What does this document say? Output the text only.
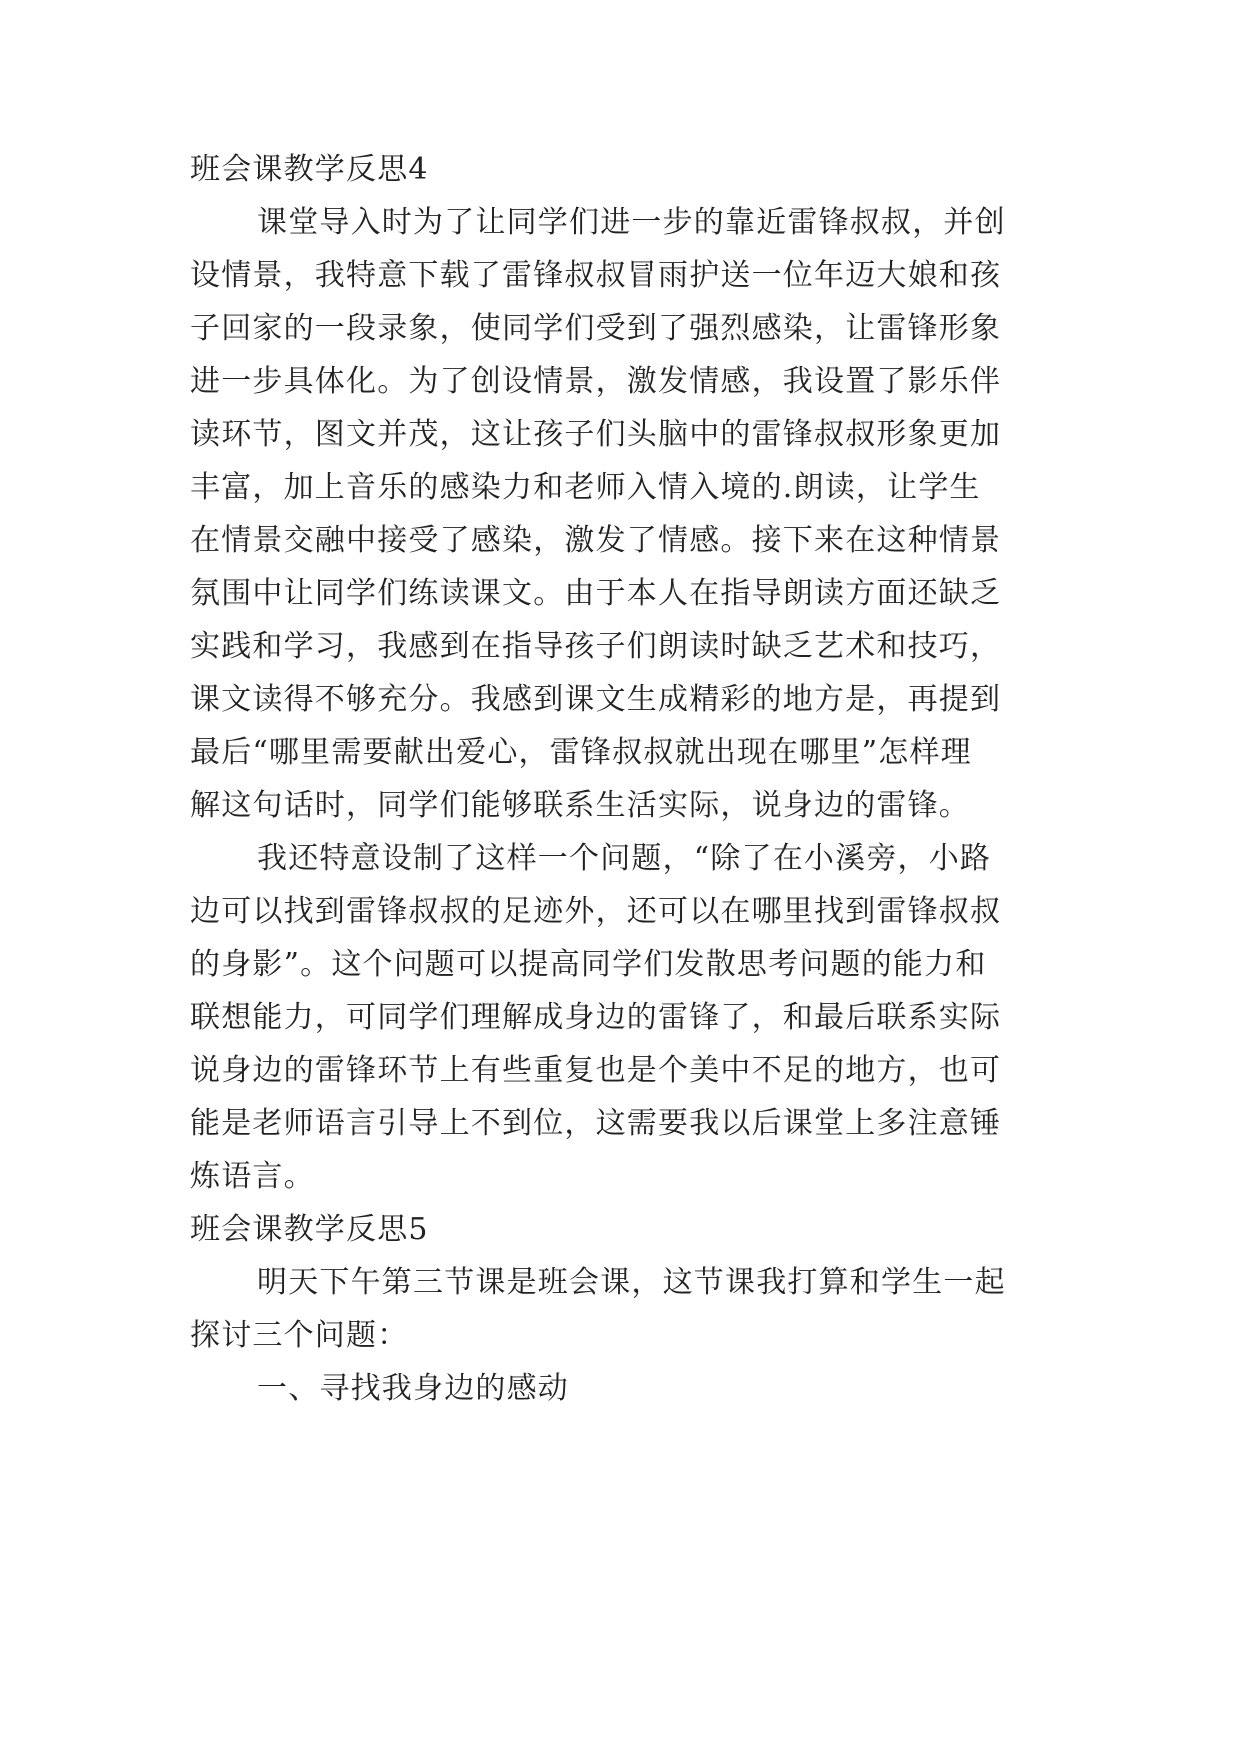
班会课教学反思4
课堂导入时为了让同学们进一步的靠近雷锋叔叔，并创
设情景，我特意下载了雷锋叔叔冒雨护送一位年迈大娘和孩
子回家的一段录象，使同学们受到了强烈感染，让雷锋形象
进一步具体化。为了创设情景，激发情感，我设置了影乐伴
读环节，图文并茂，这让孩子们头脑中的雷锋叔叔形象更加
丰富，加上音乐的感染力和老师入情入境的.朗读，让学生
在情景交融中接受了感染，激发了情感。接下来在这种情景
氛围中让同学们练读课文。由于本人在指导朗读方面还缺乏
实践和学习，我感到在指导孩子们朗读时缺乏艺术和技巧，
课文读得不够充分。我感到课文生成精彩的地方是，再提到
最后“哪里需要献出爱心，雷锋叔叔就出现在哪里”怎样理
解这句话时，同学们能够联系生活实际，说身边的雷锋。
我还特意设制了这样一个问题，“除了在小溪旁，小路
边可以找到雷锋叔叔的足迹外，还可以在哪里找到雷锋叔叔
的身影”。这个问题可以提高同学们发散思考问题的能力和
联想能力，可同学们理解成身边的雷锋了，和最后联系实际
说身边的雷锋环节上有些重复也是个美中不足的地方，也可
能是老师语言引导上不到位，这需要我以后课堂上多注意锤
炼语言。
班会课教学反思5
明天下午第三节课是班会课，这节课我打算和学生一起
探讨三个问题：
一、寻找我身边的感动
